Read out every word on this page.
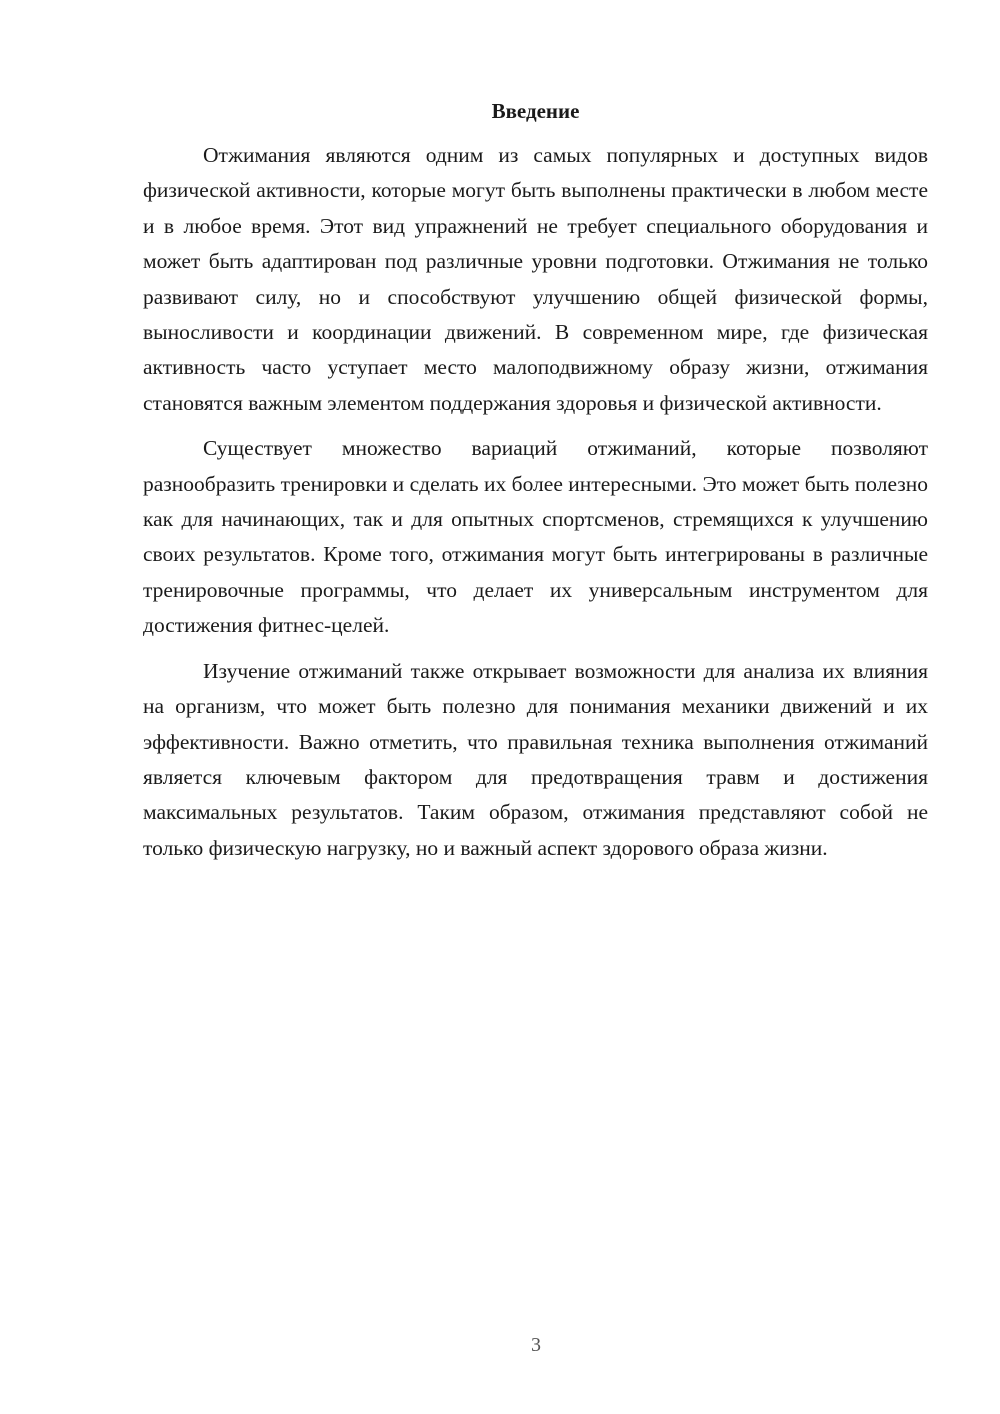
Введение

Отжимания являются одним из самых популярных и доступных видов физической активности, которые могут быть выполнены практически в любом месте и в любое время. Этот вид упражнений не требует специального оборудования и может быть адаптирован под различные уровни подготовки. Отжимания не только развивают силу, но и способствуют улучшению общей физической формы, выносливости и координации движений. В современном мире, где физическая активность часто уступает место малоподвижному образу жизни, отжимания становятся важным элементом поддержания здоровья и физической активности.

Существует множество вариаций отжиманий, которые позволяют разнообразить тренировки и сделать их более интересными. Это может быть полезно как для начинающих, так и для опытных спортсменов, стремящихся к улучшению своих результатов. Кроме того, отжимания могут быть интегрированы в различные тренировочные программы, что делает их универсальным инструментом для достижения фитнес-целей.

Изучение отжиманий также открывает возможности для анализа их влияния на организм, что может быть полезно для понимания механики движений и их эффективности. Важно отметить, что правильная техника выполнения отжиманий является ключевым фактором для предотвращения травм и достижения максимальных результатов. Таким образом, отжимания представляют собой не только физическую нагрузку, но и важный аспект здорового образа жизни.

3
